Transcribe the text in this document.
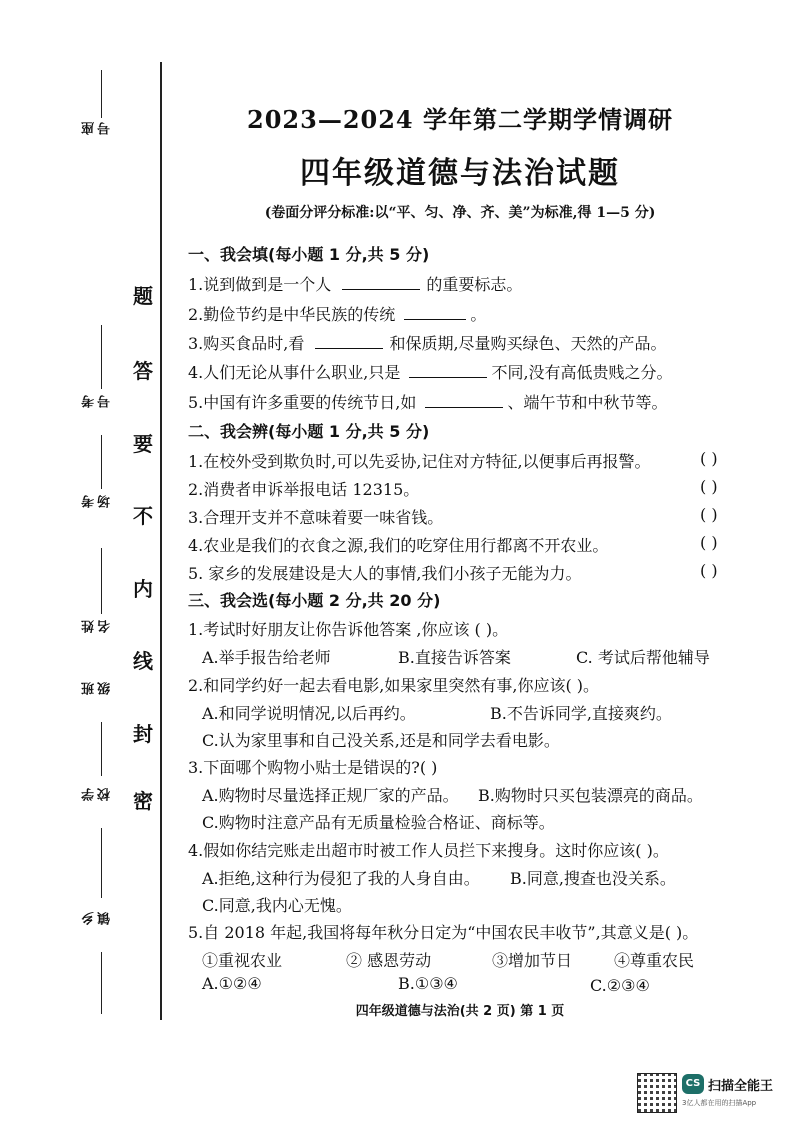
座号
考号
考场
班级
姓名
学校
乡镇
题
答
要
不
内
线
封
密
2023—2024 学年第二学期学情调研
四年级道德与法治试题
(卷面分评分标准:以“平、匀、净、齐、美”为标准,得 1—5 分)
一、我会填(每小题 1 分,共 5 分)
1.说到做到是一个人	的重要标志。
2.勤俭节约是中华民族的传统	。
3.购买食品时,看	和保质期,尽量购买绿色、天然的产品。
4.人们无论从事什么职业,只是	不同,没有高低贵贱之分。
5.中国有许多重要的传统节日,如	、端午节和中秋节等。
二、我会辨(每小题 1 分,共 5 分)
1.在校外受到欺负时,可以先妥协,记住对方特征,以便事后再报警。	( )
2.消费者申诉举报电话 12315。	( )
3.合理开支并不意味着要一味省钱。	( )
4.农业是我们的衣食之源,我们的吃穿住用行都离不开农业。	( )
5. 家乡的发展建设是大人的事情,我们小孩子无能为力。	( )
三、我会选(每小题 2 分,共 20 分)
1.考试时好朋友让你告诉他答案 ,你应该 ( )。
A.举手报告给老师	B.直接告诉答案	C. 考试后帮他辅导
2.和同学约好一起去看电影,如果家里突然有事,你应该( )。
A.和同学说明情况,以后再约。	B.不告诉同学,直接爽约。
C.认为家里事和自己没关系,还是和同学去看电影。
3.下面哪个购物小贴士是错误的?( )
A.购物时尽量选择正规厂家的产品。 B.购物时只买包装漂亮的商品。
C.购物时注意产品有无质量检验合格证、商标等。
4.假如你结完账走出超市时被工作人员拦下来搜身。这时你应该( )。
A.拒绝,这种行为侵犯了我的人身自由。 B.同意,搜查也没关系。
C.同意,我内心无愧。
5.自 2018 年起,我国将每年秋分日定为“中国农民丰收节”,其意义是( )。
①重视农业	② 感恩劳动	③增加节日	④尊重农民
A.①②④	B.①③④	C.②③④
四年级道德与法治(共 2 页) 第 1 页
CS 扫描全能王
3亿人都在用的扫描App
